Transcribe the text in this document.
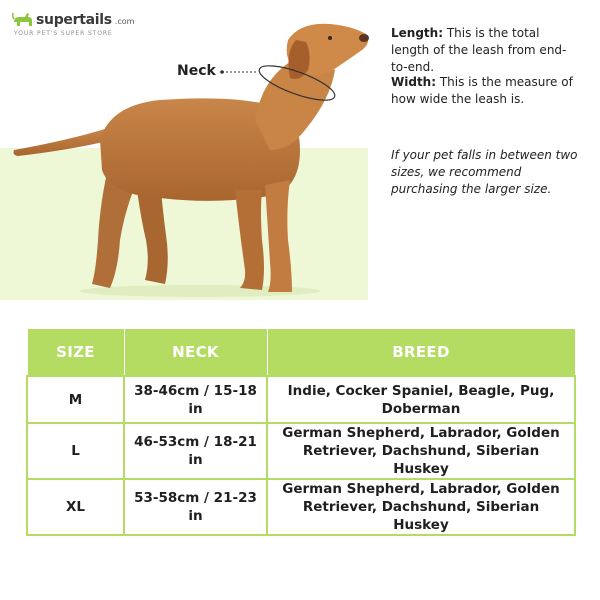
supertails .com
YOUR PET'S SUPER STORE
Neck
Length: This is the total length of the leash from end-to-end.
Width: This is the measure of how wide the leash is.
If your pet falls in between two sizes, we recommend purchasing the larger size.
SIZE	NECK	BREED
M	38-46cm / 15-18 in	Indie, Cocker Spaniel, Beagle, Pug, Doberman
L	46-53cm / 18-21 in	German Shepherd, Labrador, Golden Retriever, Dachshund, Siberian Huskey
XL	53-58cm / 21-23 in	German Shepherd, Labrador, Golden Retriever, Dachshund, Siberian Huskey
